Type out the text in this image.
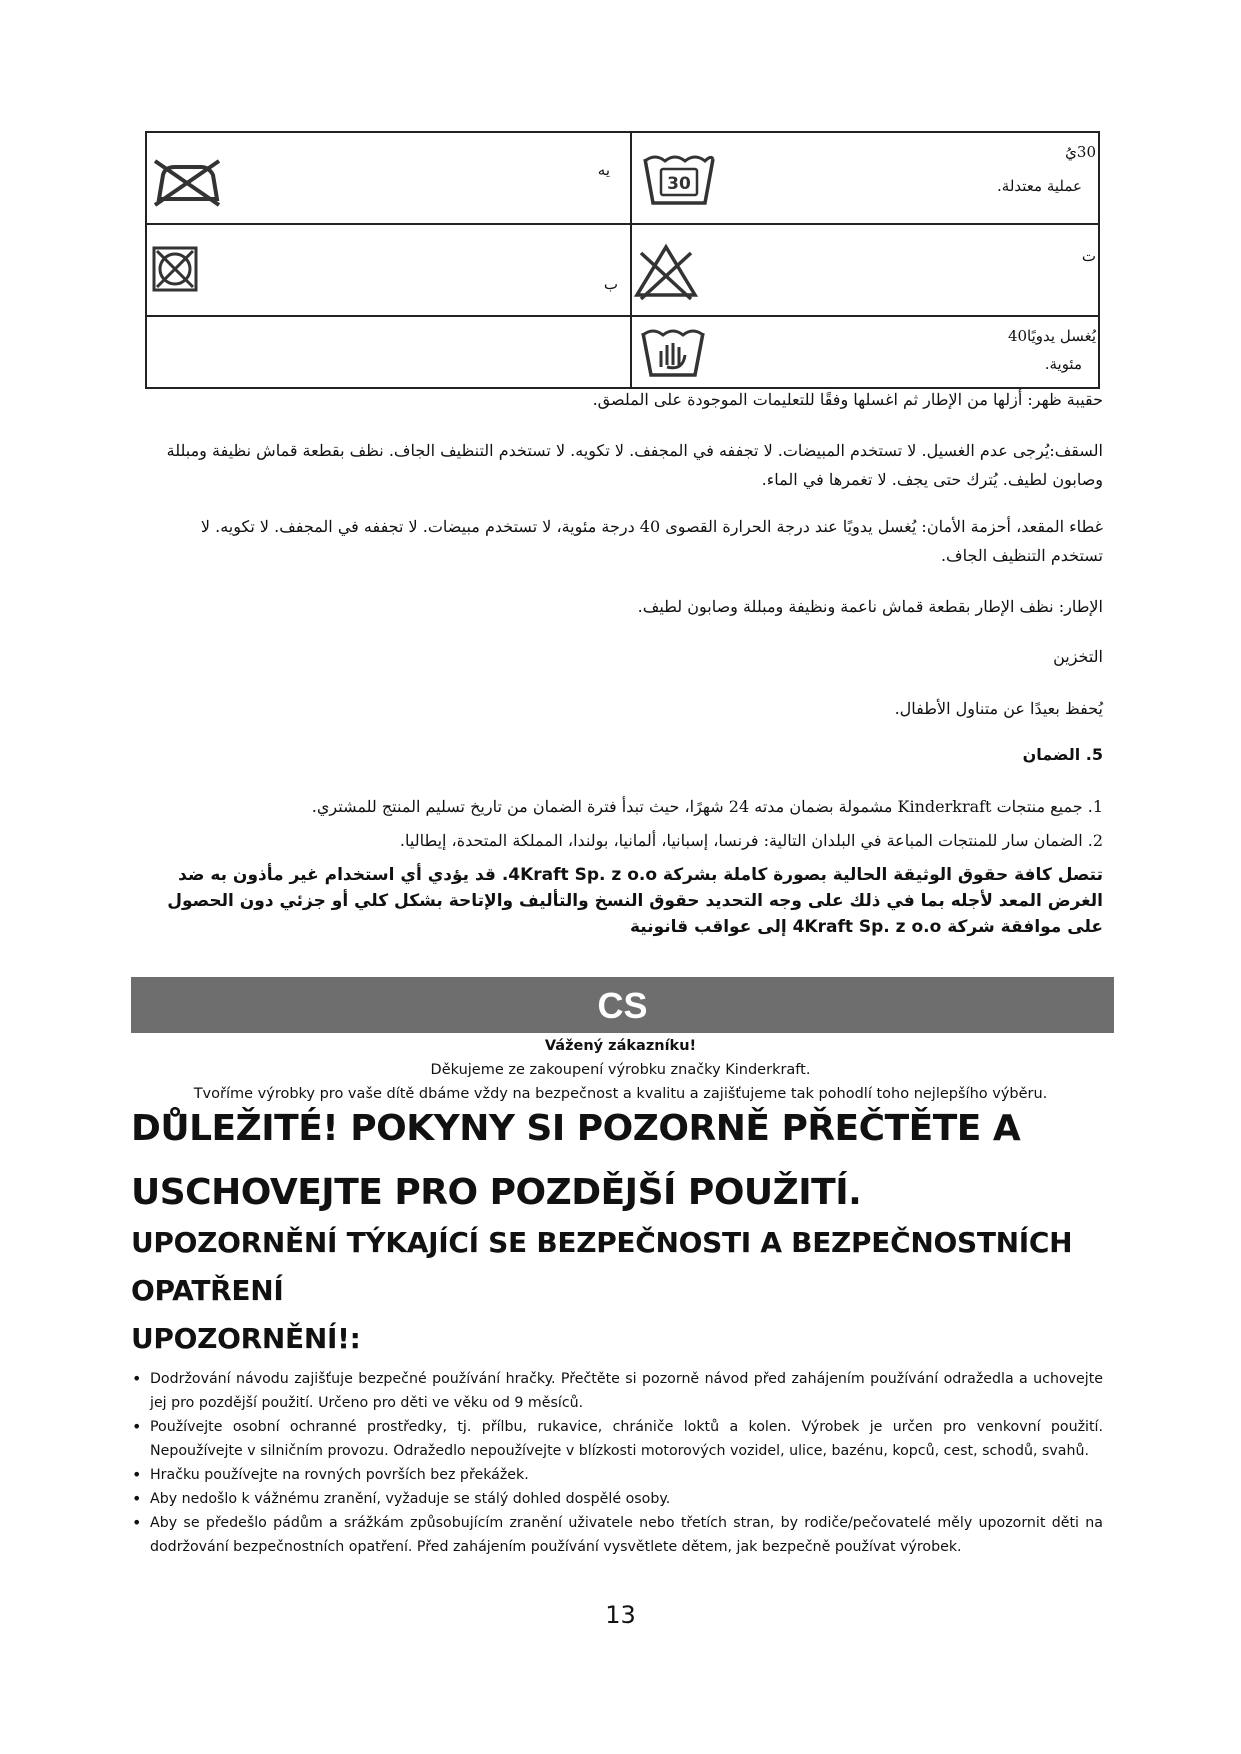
يه
30
30يُ
عملية معتدلة.
ت
ب
يُغسل يدويًا40
مئوية.
حقيبة ظهر: أزلها من الإطار ثم اغسلها وفقًا للتعليمات الموجودة على الملصق.
السقف:يُرجى عدم الغسيل. لا تستخدم المبيضات. لا تجففه في المجفف. لا تكويه. لا تستخدم التنظيف الجاف. نظف بقطعة قماش نظيفة ومبللة وصابون لطيف. يُترك حتى يجف. لا تغمرها في الماء.
غطاء المقعد، أحزمة الأمان: يُغسل يدويًا عند درجة الحرارة القصوى 40 درجة مئوية، لا تستخدم مبيضات. لا تجففه في المجفف. لا تكويه. لا تستخدم التنظيف الجاف.
الإطار: نظف الإطار بقطعة قماش ناعمة ونظيفة ومبللة وصابون لطيف.
التخزين
يُحفظ بعيدًا عن متناول الأطفال.
5. الضمان
1. جميع منتجات Kinderkraft مشمولة بضمان مدته 24 شهرًا، حيث تبدأ فترة الضمان من تاريخ تسليم المنتج للمشتري.
2. الضمان سار للمنتجات المباعة في البلدان التالية: فرنسا، إسبانيا، ألمانيا، بولندا، المملكة المتحدة، إيطاليا.
تتصل كافة حقوق الوثيقة الحالية بصورة كاملة بشركة 4Kraft Sp. z o.o. قد يؤدي أي استخدام غير مأذون به ضد الغرض المعد لأجله بما في ذلك على وجه التحديد حقوق النسخ والتأليف والإتاحة بشكل كلي أو جزئي دون الحصول على موافقة شركة 4Kraft Sp. z o.o إلى عواقب قانونية
CS
Vážený zákazníku!
Děkujeme ze zakoupení výrobku značky Kinderkraft.
Tvoříme výrobky pro vaše dítě dbáme vždy na bezpečnost a kvalitu a zajišťujeme tak pohodlí toho nejlepšího výběru.
DŮLEŽITÉ! POKYNY SI POZORNĚ PŘEČTĚTE A
USCHOVEJTE PRO POZDĚJŠÍ POUŽITÍ.
UPOZORNĚNÍ TÝKAJÍCÍ SE BEZPEČNOSTI A BEZPEČNOSTNÍCH
OPATŘENÍ
UPOZORNĚNÍ!:
• Dodržování návodu zajišťuje bezpečné používání hračky. Přečtěte si pozorně návod před zahájením používání odražedla a uchovejte jej pro pozdější použití. Určeno pro děti ve věku od 9 měsíců.
• Používejte osobní ochranné prostředky, tj. přílbu, rukavice, chrániče loktů a kolen. Výrobek je určen pro venkovní použití. Nepoužívejte v silničním provozu. Odražedlo nepoužívejte v blízkosti motorových vozidel, ulice, bazénu, kopců, cest, schodů, svahů.
• Hračku používejte na rovných površích bez překážek.
• Aby nedošlo k vážnému zranění, vyžaduje se stálý dohled dospělé osoby.
• Aby se předešlo pádům a srážkám způsobujícím zranění uživatele nebo třetích stran, by rodiče/pečovatelé měly upozornit děti na dodržování bezpečnostních opatření. Před zahájením používání vysvětlete dětem, jak bezpečně používat výrobek.
13
